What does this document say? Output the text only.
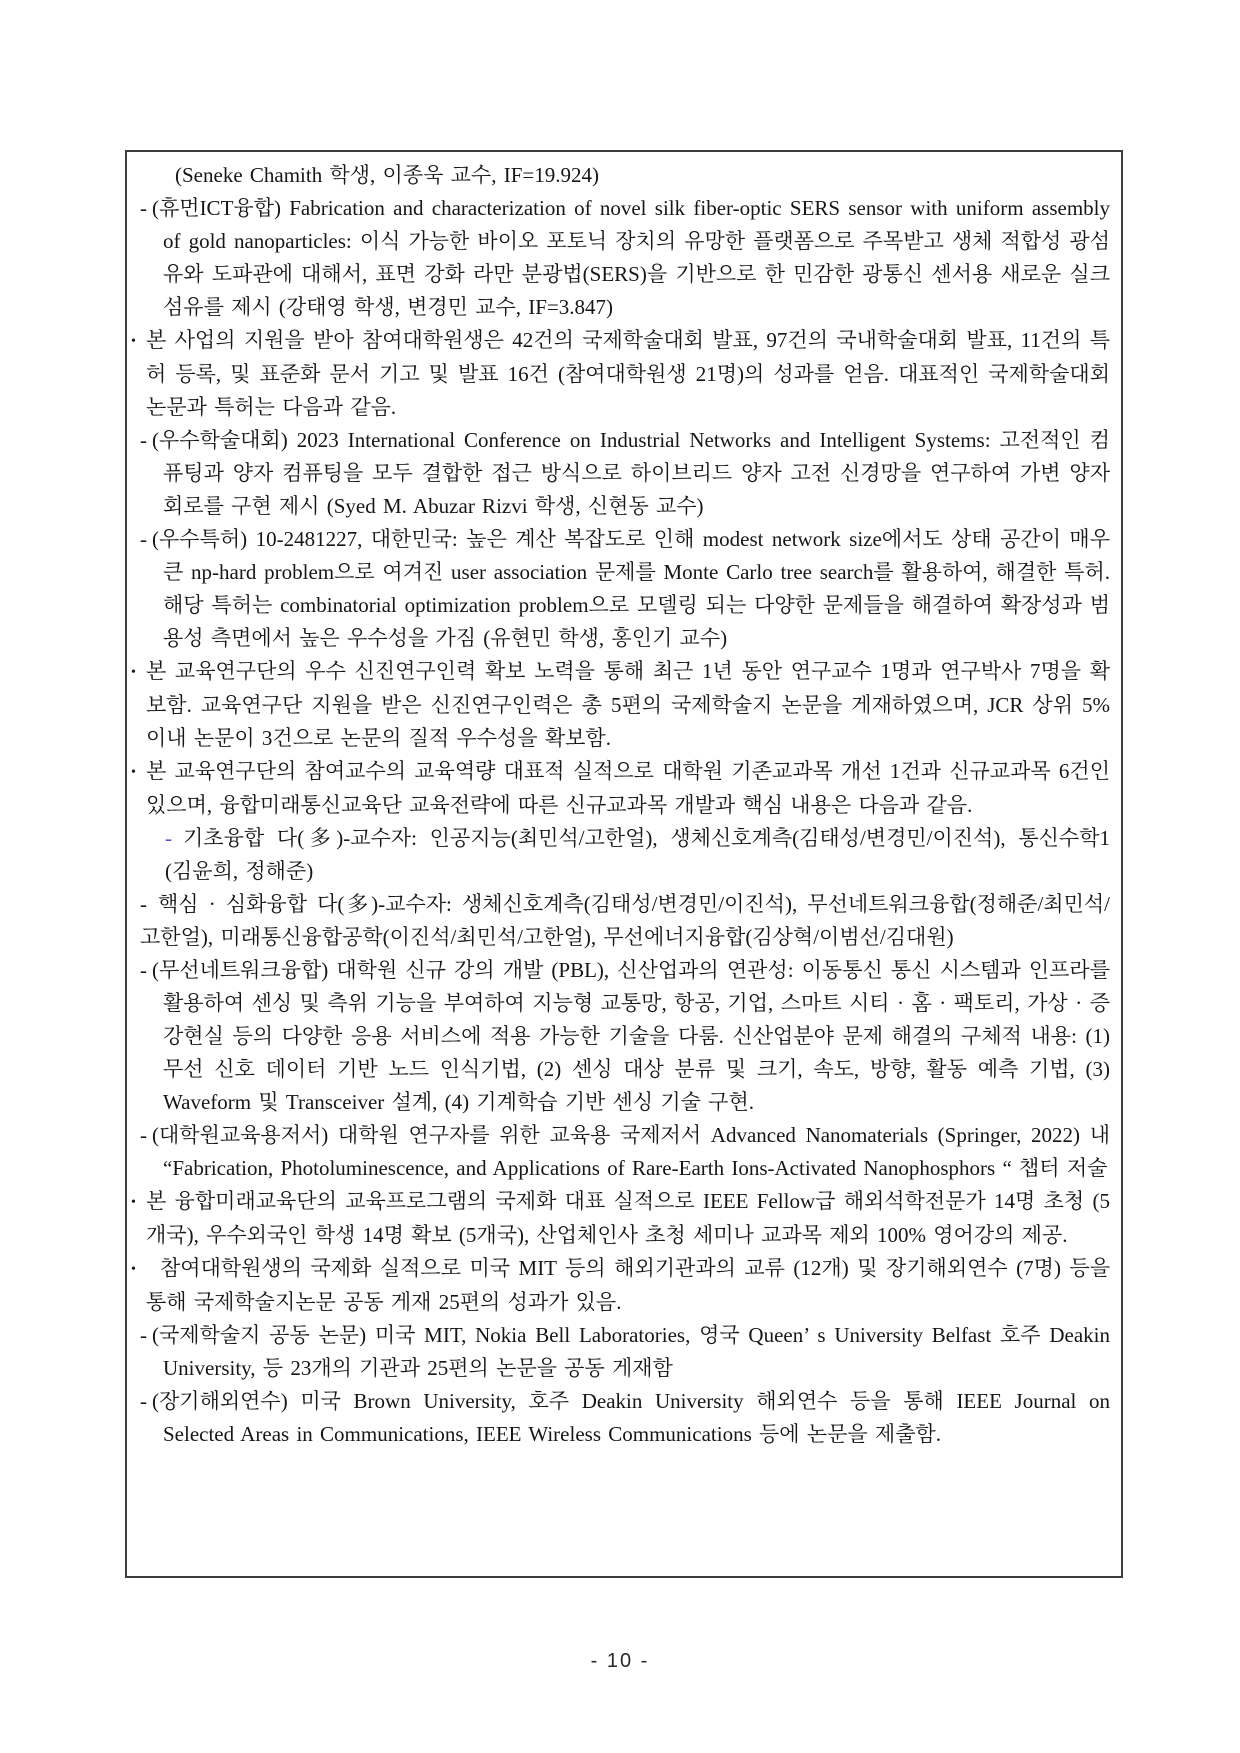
(Seneke Chamith 학생, 이종욱 교수, IF=19.924)
- (휴먼ICT융합) Fabrication and characterization of novel silk fiber-optic SERS sensor with uniform assembly of gold nanoparticles: 이식 가능한 바이오 포토닉 장치의 유망한 플랫폼으로 주목받고 생체 적합성 광섬유와 도파관에 대해서, 표면 강화 라만 분광법(SERS)을 기반으로 한 민감한 광통신 센서용 새로운 실크 섬유를 제시 (강태영 학생, 변경민 교수, IF=3.847)
• 본 사업의 지원을 받아 참여대학원생은 42건의 국제학술대회 발표, 97건의 국내학술대회 발표, 11건의 특허 등록, 및 표준화 문서 기고 및 발표 16건 (참여대학원생 21명)의 성과를 얻음. 대표적인 국제학술대회 논문과 특허는 다음과 같음.
- (우수학술대회) 2023 International Conference on Industrial Networks and Intelligent Systems: 고전적인 컴퓨팅과 양자 컴퓨팅을 모두 결합한 접근 방식으로 하이브리드 양자 고전 신경망을 연구하여 가변 양자 회로를 구현 제시 (Syed M. Abuzar Rizvi 학생, 신현동 교수)
- (우수특허) 10-2481227, 대한민국: 높은 계산 복잡도로 인해 modest network size에서도 상태 공간이 매우 큰 np-hard problem으로 여겨진 user association 문제를 Monte Carlo tree search를 활용하여, 해결한 특허. 해당 특허는 combinatorial optimization problem으로 모델링 되는 다양한 문제들을 해결하여 확장성과 범용성 측면에서 높은 우수성을 가짐 (유현민 학생, 홍인기 교수)
• 본 교육연구단의 우수 신진연구인력 확보 노력을 통해 최근 1년 동안 연구교수 1명과 연구박사 7명을 확보함. 교육연구단 지원을 받은 신진연구인력은 총 5편의 국제학술지 논문을 게재하였으며, JCR 상위 5% 이내 논문이 3건으로 논문의 질적 우수성을 확보함.
• 본 교육연구단의 참여교수의 교육역량 대표적 실적으로 대학원 기존교과목 개선 1건과 신규교과목 6건인 있으며, 융합미래통신교육단 교육전략에 따른 신규교과목 개발과 핵심 내용은 다음과 같음.
- 기초융합 다(多)-교수자: 인공지능(최민석/고한얼), 생체신호계측(김태성/변경민/이진석), 통신수학1 (김윤희, 정해준)
- 핵심 · 심화융합 다(多)-교수자: 생체신호계측(김태성/변경민/이진석), 무선네트워크융합(정해준/최민석/고한얼), 미래통신융합공학(이진석/최민석/고한얼), 무선에너지융합(김상혁/이범선/김대원)
- (무선네트워크융합) 대학원 신규 강의 개발 (PBL), 신산업과의 연관성: 이동통신 통신 시스템과 인프라를 활용하여 센싱 및 측위 기능을 부여하여 지능형 교통망, 항공, 기업, 스마트 시티 · 홈 · 팩토리, 가상 · 증강현실 등의 다양한 응용 서비스에 적용 가능한 기술을 다룸. 신산업분야 문제 해결의 구체적 내용: (1) 무선 신호 데이터 기반 노드 인식기법, (2) 센싱 대상 분류 및 크기, 속도, 방향, 활동 예측 기법, (3) Waveform 및 Transceiver 설계, (4) 기계학습 기반 센싱 기술 구현.
- (대학원교육용저서) 대학원 연구자를 위한 교육용 국제저서 Advanced Nanomaterials (Springer, 2022) 내 “Fabrication, Photoluminescence, and Applications of Rare-Earth Ions-Activated Nanophosphors “ 챕터 저술
• 본 융합미래교육단의 교육프로그램의 국제화 대표 실적으로 IEEE Fellow급 해외석학전문가 14명 초청 (5개국), 우수외국인 학생 14명 확보 (5개국), 산업체인사 초청 세미나 교과목 제외 100% 영어강의 제공.
• 참여대학원생의 국제화 실적으로 미국 MIT 등의 해외기관과의 교류 (12개) 및 장기해외연수 (7명) 등을 통해 국제학술지논문 공동 게재 25편의 성과가 있음.
- (국제학술지 공동 논문) 미국 MIT, Nokia Bell Laboratories, 영국 Queen’ s University Belfast 호주 Deakin University, 등 23개의 기관과 25편의 논문을 공동 게재함
- (장기해외연수) 미국 Brown University, 호주 Deakin University 해외연수 등을 통해 IEEE Journal on Selected Areas in Communications, IEEE Wireless Communications 등에 논문을 제출함.
- 10 -
